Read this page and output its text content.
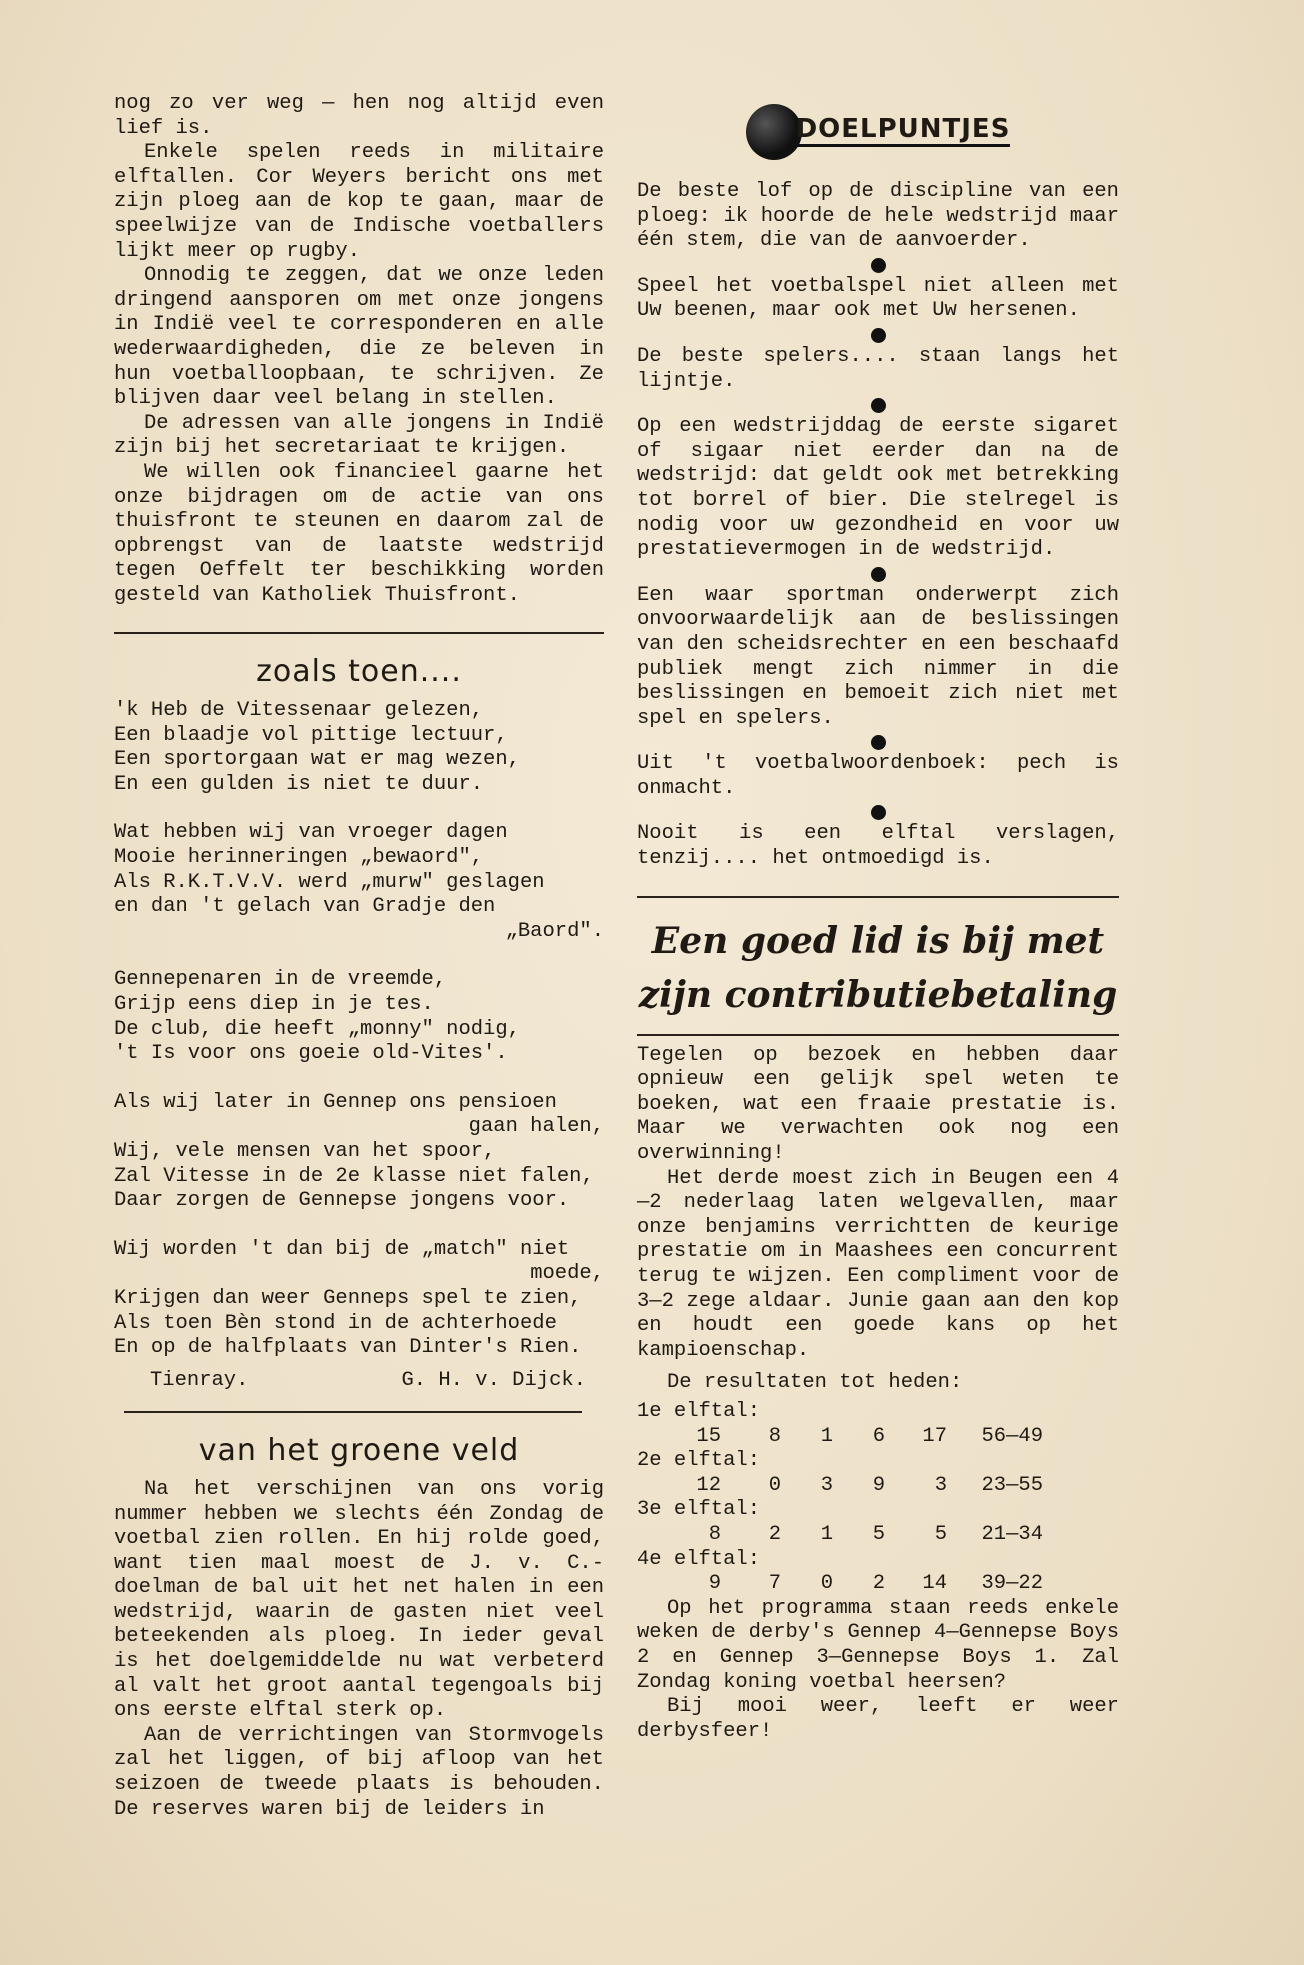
nog zo ver weg — hen nog altijd even lief is.

Enkele spelen reeds in militaire elftallen. Cor Weyers bericht ons met zijn ploeg aan de kop te gaan, maar de speelwijze van de Indische voetballers lijkt meer op rugby.

Onnodig te zeggen, dat we onze leden dringend aansporen om met onze jongens in Indië veel te corresponderen en alle wederwaardigheden, die ze beleven in hun voetballoopbaan, te schrijven. Ze blijven daar veel belang in stellen.

De adressen van alle jongens in Indië zijn bij het secretariaat te krijgen.

We willen ook financieel gaarne het onze bijdragen om de actie van ons thuisfront te steunen en daarom zal de opbrengst van de laatste wedstrijd tegen Oeffelt ter beschikking worden gesteld van Katholiek Thuisfront.

zoals toen....

'k Heb de Vitessenaar gelezen,
Een blaadje vol pittige lectuur,
Een sportorgaan wat er mag wezen,
En een gulden is niet te duur.

Wat hebben wij van vroeger dagen
Mooie herinneringen „bewaord",
Als R.K.T.V.V. werd „murw" geslagen
en dan 't gelach van Gradje den

„Baord".

Gennepenaren in de vreemde,
Grijp eens diep in je tes.
De club, die heeft „monny" nodig,
't Is voor ons goeie old-Vites'.

Als wij later in Gennep ons pensioen

gaan halen,

Wij, vele mensen van het spoor,
Zal Vitesse in de 2e klasse niet falen,
Daar zorgen de Gennepse jongens voor.

Wij worden 't dan bij de „match" niet

moede,

Krijgen dan weer Genneps spel te zien,
Als toen Bèn stond in de achterhoede
En op de halfplaats van Dinter's Rien.

Tienray.	G. H. v. Dijck.
van het groene veld

Na het verschijnen van ons vorig nummer hebben we slechts één Zondag de voetbal zien rollen. En hij rolde goed, want tien maal moest de J. v. C.-doelman de bal uit het net halen in een wedstrijd, waarin de gasten niet veel beteekenden als ploeg. In ieder geval is het doelgemiddelde nu wat verbeterd al valt het groot aantal tegengoals bij ons eerste elftal sterk op.

Aan de verrichtingen van Stormvogels zal het liggen, of bij afloop van het seizoen de tweede plaats is behouden. De reserves waren bij de leiders in

DOELPUNTJES

De beste lof op de discipline van een ploeg: ik hoorde de hele wedstrijd maar één stem, die van de aanvoerder.

Speel het voetbalspel niet alleen met Uw beenen, maar ook met Uw hersenen.

De beste spelers.... staan langs het lijntje.

Op een wedstrijddag de eerste sigaret of sigaar niet eerder dan na de wedstrijd: dat geldt ook met betrekking tot borrel of bier. Die stelregel is nodig voor uw gezondheid en voor uw prestatievermogen in de wedstrijd.

Een waar sportman onderwerpt zich onvoorwaardelijk aan de beslissingen van den scheidsrechter en een beschaafd publiek mengt zich nimmer in die beslissingen en bemoeit zich niet met spel en spelers.

Uit 't voetbalwoordenboek: pech is onmacht.

Nooit is een elftal verslagen, tenzij.... het ontmoedigd is.

Een goed lid is bij met
zijn contributiebetaling

Tegelen op bezoek en hebben daar opnieuw een gelijk spel weten te boeken, wat een fraaie prestatie is. Maar we verwachten ook nog een overwinning!

Het derde moest zich in Beugen een 4—2 nederlaag laten welgevallen, maar onze benjamins verrichtten de keurige prestatie om in Maashees een concurrent terug te wijzen. Een compliment voor de 3—2 zege aldaar. Junie gaan aan den kop en houdt een goede kans op het kampioenschap.

De resultaten tot heden:

1e elftal:
15	8	1	6	17	56—49
2e elftal:
12	0	3	9	3	23—55
3e elftal:
8	2	1	5	5	21—34
4e elftal:
9	7	0	2	14	39—22

Op het programma staan reeds enkele weken de derby's Gennep 4—Gennepse Boys 2 en Gennep 3—Gennepse Boys 1. Zal Zondag koning voetbal heersen?

Bij mooi weer, leeft er weer derbysfeer!
